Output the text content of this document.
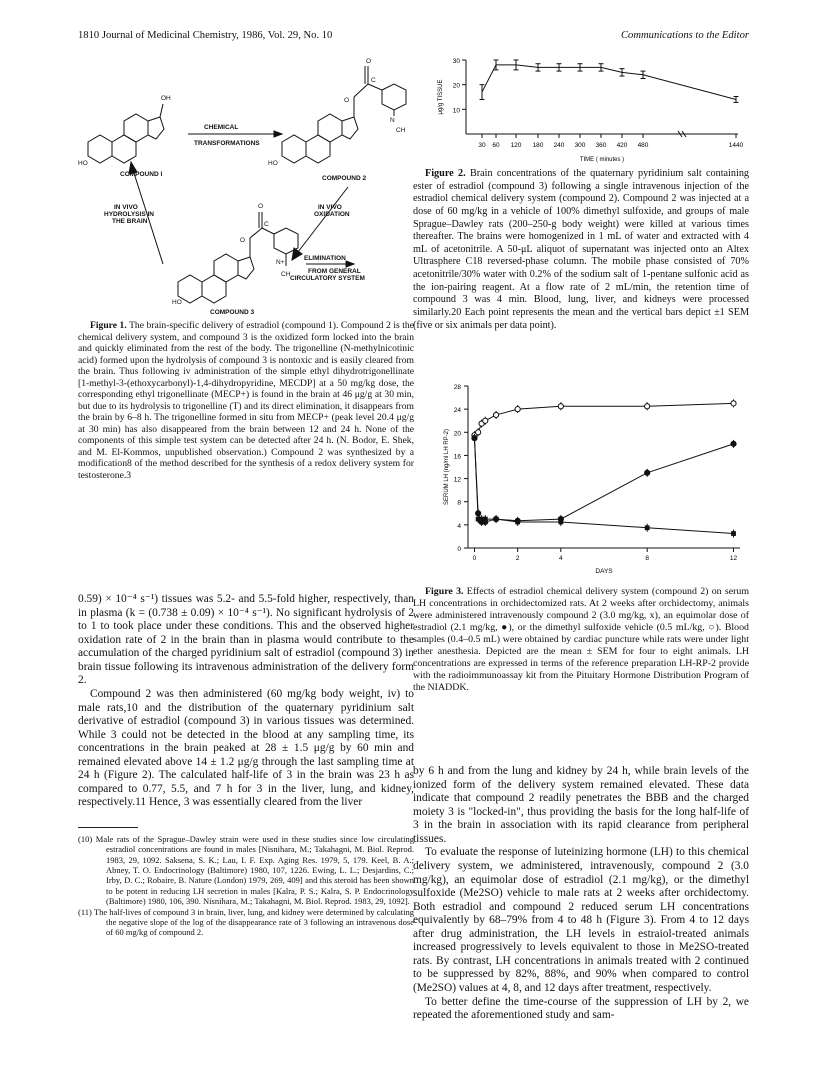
1810 Journal of Medicinal Chemistry, 1986, Vol. 29, No. 10	Communications to the Editor
OH
O
C
O
N
CH
HO	HO
HO
O
C
O
N+
CH
COMPOUND I
COMPOUND 2
COMPOUND 3
CHEMICAL
TRANSFORMATIONS
IN VIVO
HYDROLYSIS IN
THE BRAIN
IN VIVO
OXIDATION
ELIMINATION
FROM GENERAL
CIRCULATORY SYSTEM

Figure 1. The brain-specific delivery of estradiol (compound 1). Compound 2 is the chemical delivery system, and compound 3 is the oxidized form locked into the brain and quickly eliminated from the rest of the body. The trigonelline (N-methylnicotinic acid) formed upon the hydrolysis of compound 3 is nontoxic and is easily cleared from the brain. Thus following iv administration of the simple ethyl dihydrotrigonellinate [1-methyl-3-(ethoxycarbonyl)-1,4-dihydropyridine, MECDP] at a 50 mg/kg dose, the corresponding ethyl trigonellinate (MECP+) is found in the brain at 46 μg/g at 30 min, but due to its hydrolysis to trigonelline (T) and its direct elimination, it disappears from the brain by 6–8 h. The trigonelline formed in situ from MECP+ (peak level 20.4 μg/g at 30 min) has also disappeared from the brain between 12 and 24 h. None of the components of this simple test system can be detected after 24 h. (N. Bodor, E. Shek, and M. El-Kommos, unpublished observation.) Compound 2 was synthesized by a modification8 of the method described for the synthesis of a redox delivery system for testosterone.3

0.59) × 10⁻⁴ s⁻¹) tissues was 5.2- and 5.5-fold higher, respectively, than in plasma (k = (0.738 ± 0.09) × 10⁻⁴ s⁻¹). No significant hydrolysis of 2 to 1 to took place under these conditions. This and the observed higher oxidation rate of 2 in the brain than in plasma would contribute to the accumulation of the charged pyridinium salt of estradiol (compound 3) in brain tissue following its intravenous administration of the delivery form 2.

Compound 2 was then administered (60 mg/kg body weight, iv) to male rats,10 and the distribution of the quaternary pyridinium salt derivative of estradiol (compound 3) in various tissues was determined. While 3 could not be detected in the blood at any sampling time, its concentrations in the brain peaked at 28 ± 1.5 μg/g by 60 min and remained elevated above 14 ± 1.2 μg/g through the last sampling time at 24 h (Figure 2). The calculated half-life of 3 in the brain was 23 h as compared to 0.77, 5.5, and 7 h for 3 in the liver, lung, and kidney, respectively.11 Hence, 3 was essentially cleared from the liver

(10) Male rats of the Sprague–Dawley strain were used in these studies since low circulating estradiol concentrations are found in males [Nisnihara, M.; Takahagni, M. Biol. Reprod. 1983, 29, 1092. Saksena, S. K.; Lau, I. F. Exp. Aging Res. 1979, 5, 179. Keel, B. A.; Abney, T. O. Endocrinology (Baltimore) 1980, 107, 1226. Ewing, L. L.; Desjardins, C.; Irby, D. C.; Robaire, B. Nature (London) 1979, 269, 409] and this steroid has been shown to be potent in reducing LH secretion in males [Kalra, P. S.; Kalra, S. P. Endocrinology (Baltimore) 1980, 106, 390. Nisnihara, M.; Takahagni, M. Biol. Reprod. 1983, 29, 1092].

(11) The half-lives of compound 3 in brain, liver, lung, and kidney were determined by calculating the negative slope of the log of the disappearance rate of 3 following an intravenous dose of 60 mg/kg of compound 2.

10
20
30
30 60 120 180 240 300 360 420 480	1440
TIME ( minutes )
μg/g TISSUE

Figure 2. Brain concentrations of the quaternary pyridinium salt containing ester of estradiol (compound 3) following a single intravenous injection of the estradiol chemical delivery system (compound 2). Compound 2 was injected at a dose of 60 mg/kg in a vehicle of 100% dimethyl sulfoxide, and groups of male Sprague–Dawley rats (200–250-g body weight) were killed at various times thereafter. The brains were homogenized in 1 mL of water and extracted with 4 mL of acetonitrile. A 50-μL aliquot of supernatant was injected onto an Altex Ultrasphere C18 reversed-phase column. The mobile phase consisted of 70% acetonitrile/30% water with 0.2% of the sodium salt of 1-pentane sulfonic acid as the ion-pairing reagent. At a flow rate of 2 mL/min, the retention time of compound 3 was 4 min. Blood, lung, liver, and kidneys were processed similarly.20 Each point represents the mean and the vertical bars depict ±1 SEM (five or six animals per data point).

0
4
8
12
16
20
24
28
0	2	4	8	12
DAYS
SERUM LH (ng/ml LH RP-2)

Figure 3. Effects of estradiol chemical delivery system (compound 2) on serum LH concentrations in orchidectomized rats. At 2 weeks after orchidectomy, animals were administered intravenously compound 2 (3.0 mg/kg, x), an equimolar dose of estradiol (2.1 mg/kg, ●), or the dimethyl sulfoxide vehicle (0.5 mL/kg, ○). Blood samples (0.4–0.5 mL) were obtained by cardiac puncture while rats were under light ether anesthesia. Depicted are the mean ± SEM for four to eight animals. LH concentrations are expressed in terms of the reference preparation LH-RP-2 provide with the radioimmunoassay kit from the Pituitary Hormone Distribution Program of the NIADDK.

by 6 h and from the lung and kidney by 24 h, while brain levels of the ionized form of the delivery system remained elevated. These data indicate that compound 2 readily penetrates the BBB and the charged moiety 3 is "locked-in", thus providing the basis for the long half-life of 3 in the brain in association with its rapid clearance from peripheral tissues.

To evaluate the response of luteinizing hormone (LH) to this chemical delivery system, we administered, intravenously, compound 2 (3.0 mg/kg), an equimolar dose of estradiol (2.1 mg/kg), or the dimethyl sulfoxide (Me2SO) vehicle to male rats at 2 weeks after orchidectomy. Both estradiol and compound 2 reduced serum LH concentrations equivalently by 68–79% from 4 to 48 h (Figure 3). From 4 to 12 days after drug administration, the LH levels in estraiol-treated animals increased progressively to levels equivalent to those in Me2SO-treated rats. By contrast, LH concentrations in animals treated with 2 continued to be suppressed by 82%, 88%, and 90% when compared to control (Me2SO) values at 4, 8, and 12 days after treatment, respectively.

To better define the time-course of the suppression of LH by 2, we repeated the aforementioned study and sam-
